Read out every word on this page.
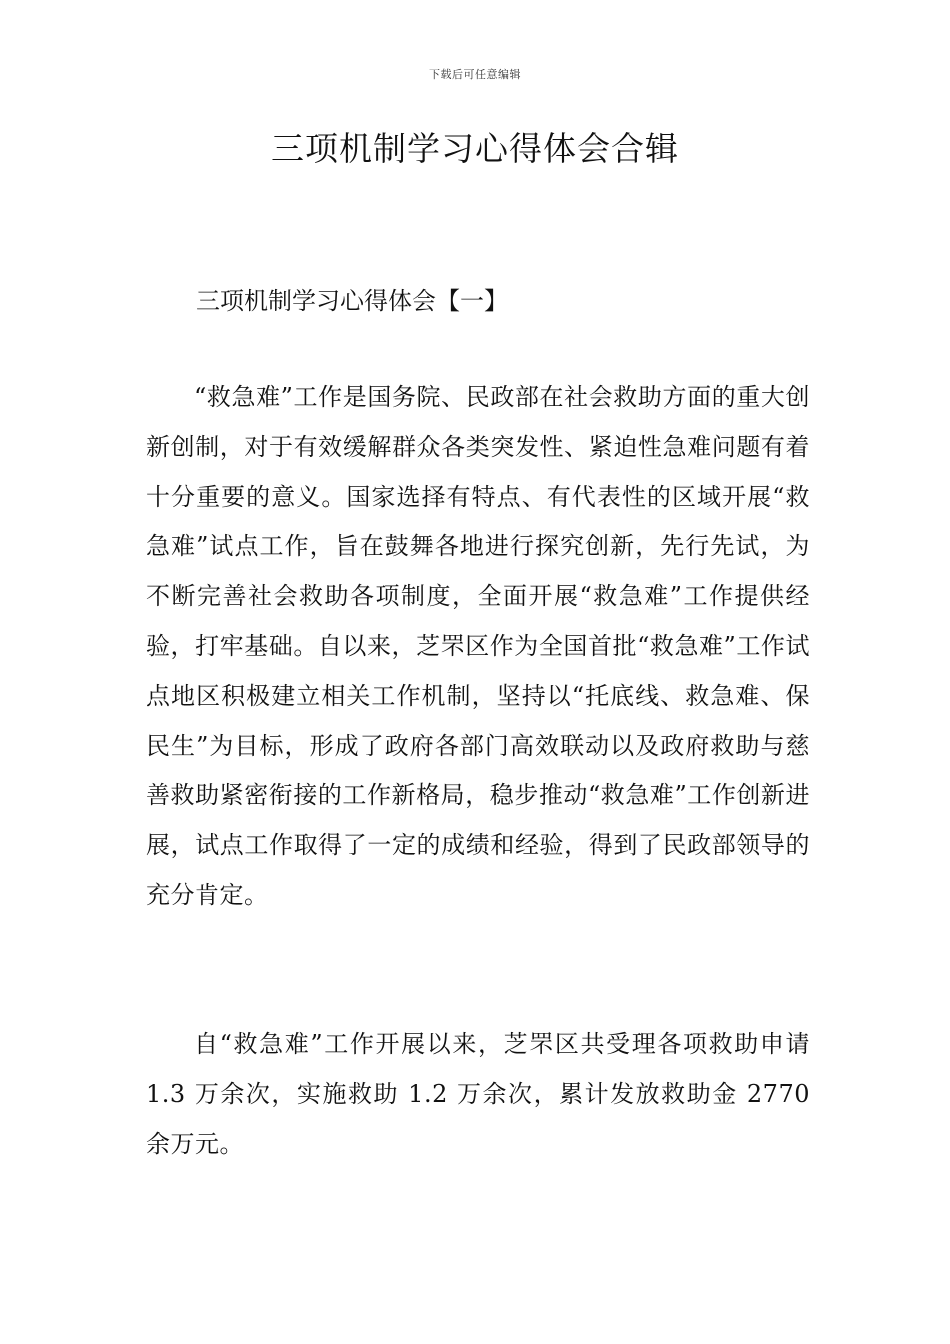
下载后可任意编辑
三项机制学习心得体会合辑
三项机制学习心得体会【一】

“救急难”工作是国务院、民政部在社会救助方面的重大创新创制，对于有效缓解群众各类突发性、紧迫性急难问题有着十分重要的意义。国家选择有特点、有代表性的区域开展“救急难”试点工作，旨在鼓舞各地进行探究创新，先行先试，为不断完善社会救助各项制度，全面开展“救急难”工作提供经验，打牢基础。自以来，芝罘区作为全国首批“救急难”工作试点地区积极建立相关工作机制，坚持以“托底线、救急难、保民生”为目标，形成了政府各部门高效联动以及政府救助与慈善救助紧密衔接的工作新格局，稳步推动“救急难”工作创新进展，试点工作取得了一定的成绩和经验，得到了民政部领导的充分肯定。

自“救急难”工作开展以来，芝罘区共受理各项救助申请 1.3 万余次，实施救助 1.2 万余次，累计发放救助金 2770 余万元。
